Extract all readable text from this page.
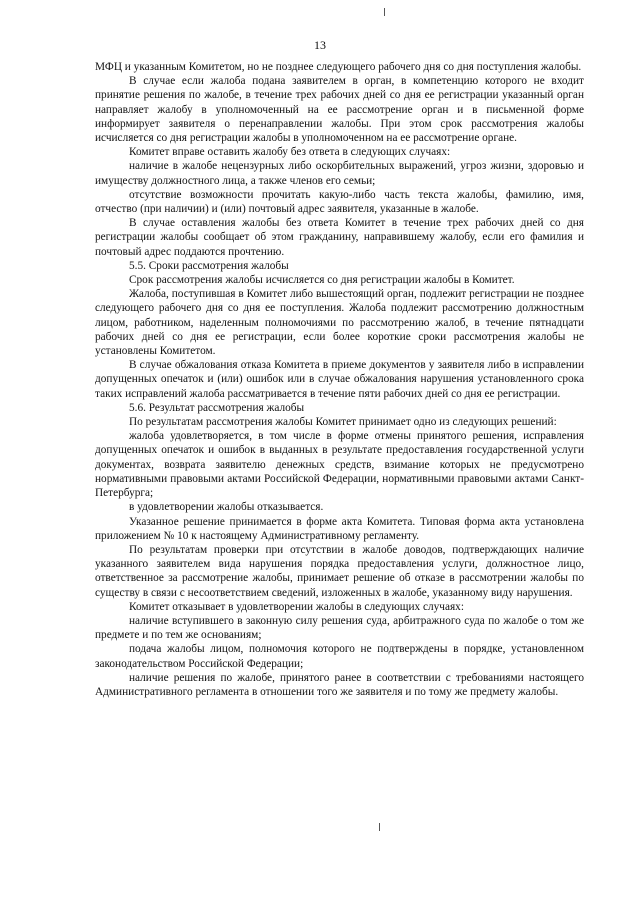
13

МФЦ и указанным Комитетом, но не позднее следующего рабочего дня со дня поступления жалобы.

В случае если жалоба подана заявителем в орган, в компетенцию которого не входит принятие решения по жалобе, в течение трех рабочих дней со дня ее регистрации указанный орган направляет жалобу в уполномоченный на ее рассмотрение орган и в письменной форме информирует заявителя о перенаправлении жалобы. При этом срок рассмотрения жалобы исчисляется со дня регистрации жалобы в уполномоченном на ее рассмотрение органе.

Комитет вправе оставить жалобу без ответа в следующих случаях:

наличие в жалобе нецензурных либо оскорбительных выражений, угроз жизни, здоровью и имуществу должностного лица, а также членов его семьи;

отсутствие возможности прочитать какую-либо часть текста жалобы, фамилию, имя, отчество (при наличии) и (или) почтовый адрес заявителя, указанные в жалобе.

В случае оставления жалобы без ответа Комитет в течение трех рабочих дней со дня регистрации жалобы сообщает об этом гражданину, направившему жалобу, если его фамилия и почтовый адрес поддаются прочтению.

5.5. Сроки рассмотрения жалобы

Срок рассмотрения жалобы исчисляется со дня регистрации жалобы в Комитет.

Жалоба, поступившая в Комитет либо вышестоящий орган, подлежит регистрации не позднее следующего рабочего дня со дня ее поступления. Жалоба подлежит рассмотрению должностным лицом, работником, наделенным полномочиями по рассмотрению жалоб, в течение пятнадцати рабочих дней со дня ее регистрации, если более короткие сроки рассмотрения жалобы не установлены Комитетом.

В случае обжалования отказа Комитета в приеме документов у заявителя либо в исправлении допущенных опечаток и (или) ошибок или в случае обжалования нарушения установленного срока таких исправлений жалоба рассматривается в течение пяти рабочих дней со дня ее регистрации.

5.6. Результат рассмотрения жалобы

По результатам рассмотрения жалобы Комитет принимает одно из следующих решений:

жалоба удовлетворяется, в том числе в форме отмены принятого решения, исправления допущенных опечаток и ошибок в выданных в результате предоставления государственной услуги документах, возврата заявителю денежных средств, взимание которых не предусмотрено нормативными правовыми актами Российской Федерации, нормативными правовыми актами Санкт-Петербурга;

в удовлетворении жалобы отказывается.

Указанное решение принимается в форме акта Комитета. Типовая форма акта установлена приложением № 10 к настоящему Административному регламенту.

По результатам проверки при отсутствии в жалобе доводов, подтверждающих наличие указанного заявителем вида нарушения порядка предоставления услуги, должностное лицо, ответственное за рассмотрение жалобы, принимает решение об отказе в рассмотрении жалобы по существу в связи с несоответствием сведений, изложенных в жалобе, указанному виду нарушения.

Комитет отказывает в удовлетворении жалобы в следующих случаях:

наличие вступившего в законную силу решения суда, арбитражного суда по жалобе о том же предмете и по тем же основаниям;

подача жалобы лицом, полномочия которого не подтверждены в порядке, установленном законодательством Российской Федерации;

наличие решения по жалобе, принятого ранее в соответствии с требованиями настоящего Административного регламента в отношении того же заявителя и по тому же предмету жалобы.
